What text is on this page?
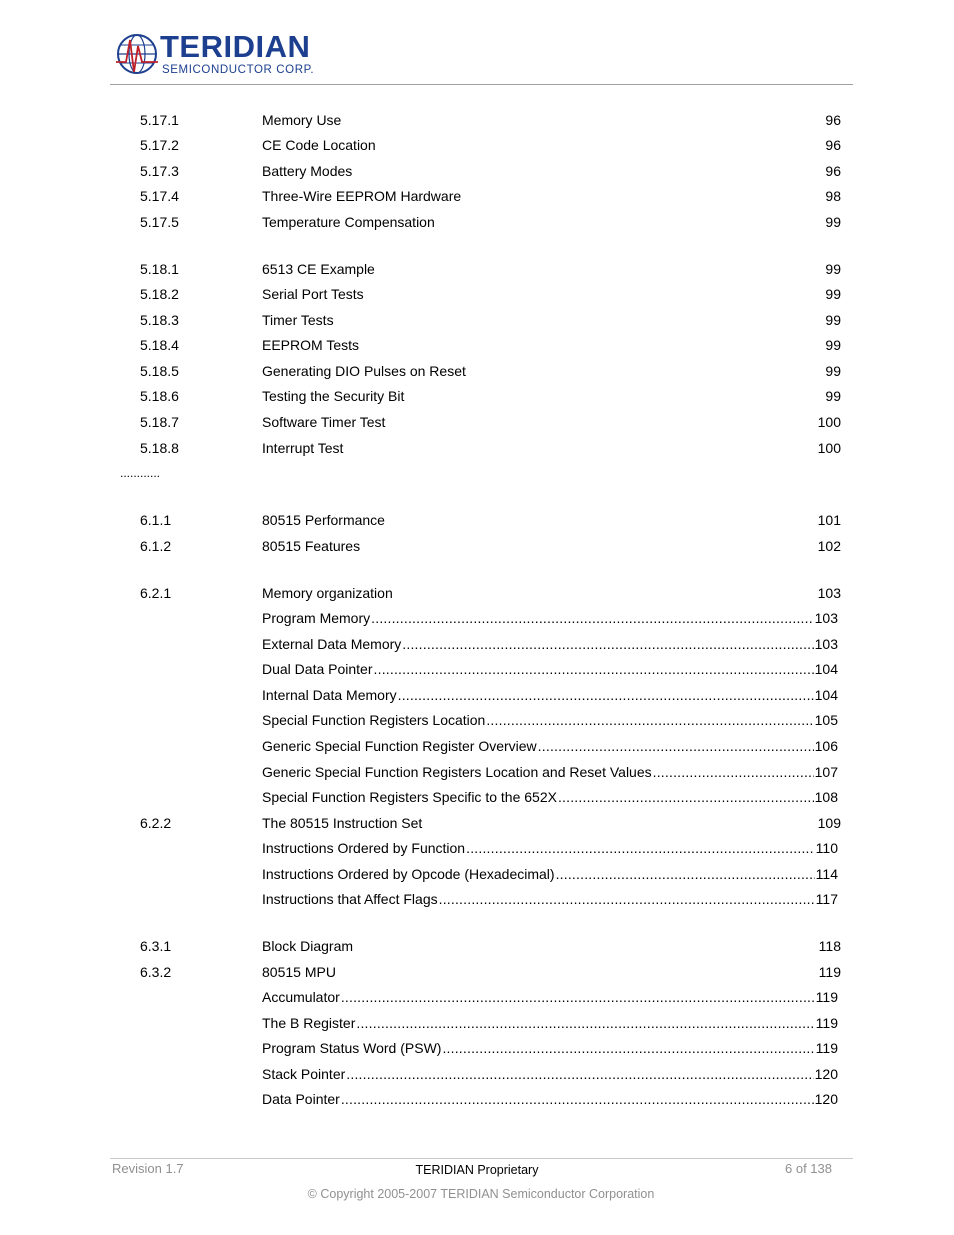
TERIDIAN
SEMICONDUCTOR CORP.
5.17.1	Memory Use	96
5.17.2	CE Code Location	96
5.17.3	Battery Modes	96
5.17.4	Three-Wire EEPROM Hardware	98
5.17.5	Temperature Compensation	99
5.18.1	6513 CE Example	99
5.18.2	Serial Port Tests	99
5.18.3	Timer Tests	99
5.18.4	EEPROM Tests	99
5.18.5	Generating DIO Pulses on Reset	99
5.18.6	Testing the Security Bit	99
5.18.7	Software Timer Test	100
5.18.8	Interrupt Test	100
............
6.1.1	80515 Performance	101
6.1.2	80515 Features	102
6.2.1	Memory organization	103
Program Memory .....	103
External Data Memory .....	103
Dual Data Pointer .....	104
Internal Data Memory .....	104
Special Function Registers Location .....	105
Generic Special Function Register Overview .....	106
Generic Special Function Registers Location and Reset Values .....	107
Special Function Registers Specific to the 652X .....	108
6.2.2	The 80515 Instruction Set	109
Instructions Ordered by Function .....	110
Instructions Ordered by Opcode (Hexadecimal) .....	114
Instructions that Affect Flags .....	117
6.3.1	Block Diagram	118
6.3.2	80515 MPU	119
Accumulator .....	119
The B Register .....	119
Program Status Word (PSW) .....	119
Stack Pointer .....	120
Data Pointer .....	120
Revision 1.7	TERIDIAN Proprietary	6 of 138
© Copyright 2005-2007 TERIDIAN Semiconductor Corporation
